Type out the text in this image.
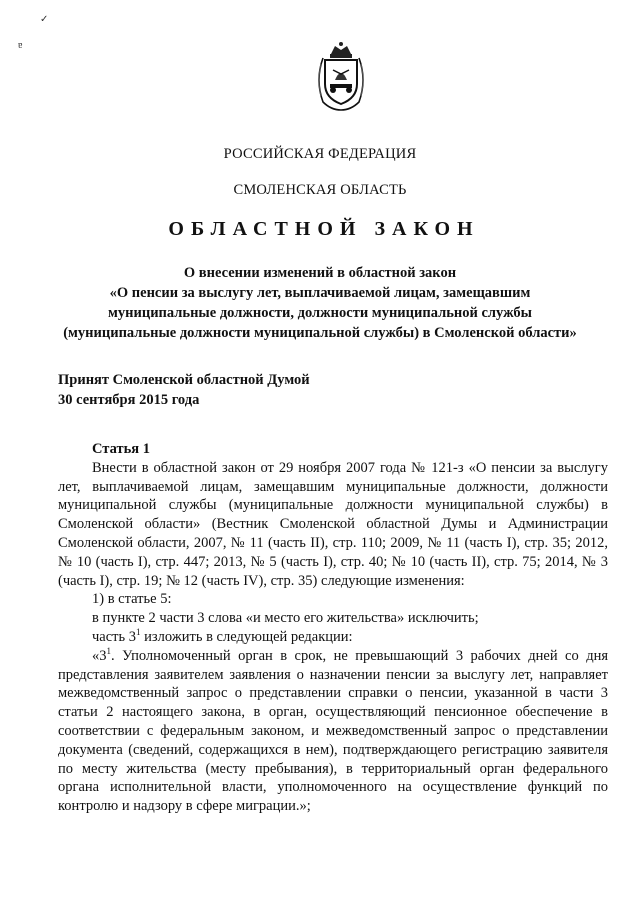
✓
ɐ
РОССИЙСКАЯ ФЕДЕРАЦИЯ
СМОЛЕНСКАЯ ОБЛАСТЬ
ОБЛАСТНОЙ ЗАКОН
О внесении изменений в областной закон
«О пенсии за выслугу лет, выплачиваемой лицам, замещавшим
муниципальные должности, должности муниципальной службы
(муниципальные должности муниципальной службы) в Смоленской области»
Принят Смоленской областной Думой
30 сентября 2015 года

Статья 1

Внести в областной закон от 29 ноября 2007 года № 121-з «О пенсии за выслугу лет, выплачиваемой лицам, замещавшим муниципальные должности, должности муниципальной службы (муниципальные должности муниципальной службы) в Смоленской области» (Вестник Смоленской областной Думы и Администрации Смоленской области, 2007, № 11 (часть II), стр. 110; 2009, № 11 (часть I), стр. 35; 2012, № 10 (часть I), стр. 447; 2013, № 5 (часть I), стр. 40; № 10 (часть II), стр. 75; 2014, № 3 (часть I), стр. 19; № 12 (часть IV), стр. 35) следующие изменения:

1) в статье 5:

в пункте 2 части 3 слова «и место его жительства» исключить;

часть $3^1$ изложить в следующей редакции:

«$3^1$. Уполномоченный орган в срок, не превышающий 3 рабочих дней со дня представления заявителем заявления о назначении пенсии за выслугу лет, направляет межведомственный запрос о представлении справки о пенсии, указанной в части 3 статьи 2 настоящего закона, в орган, осуществляющий пенсионное обеспечение в соответствии с федеральным законом, и межведомственный запрос о представлении документа (сведений, содержащихся в нем), подтверждающего регистрацию заявителя по месту жительства (месту пребывания), в территориальный орган федерального органа исполнительной власти, уполномоченного на осуществление функций по контролю и надзору в сфере миграции.»;
